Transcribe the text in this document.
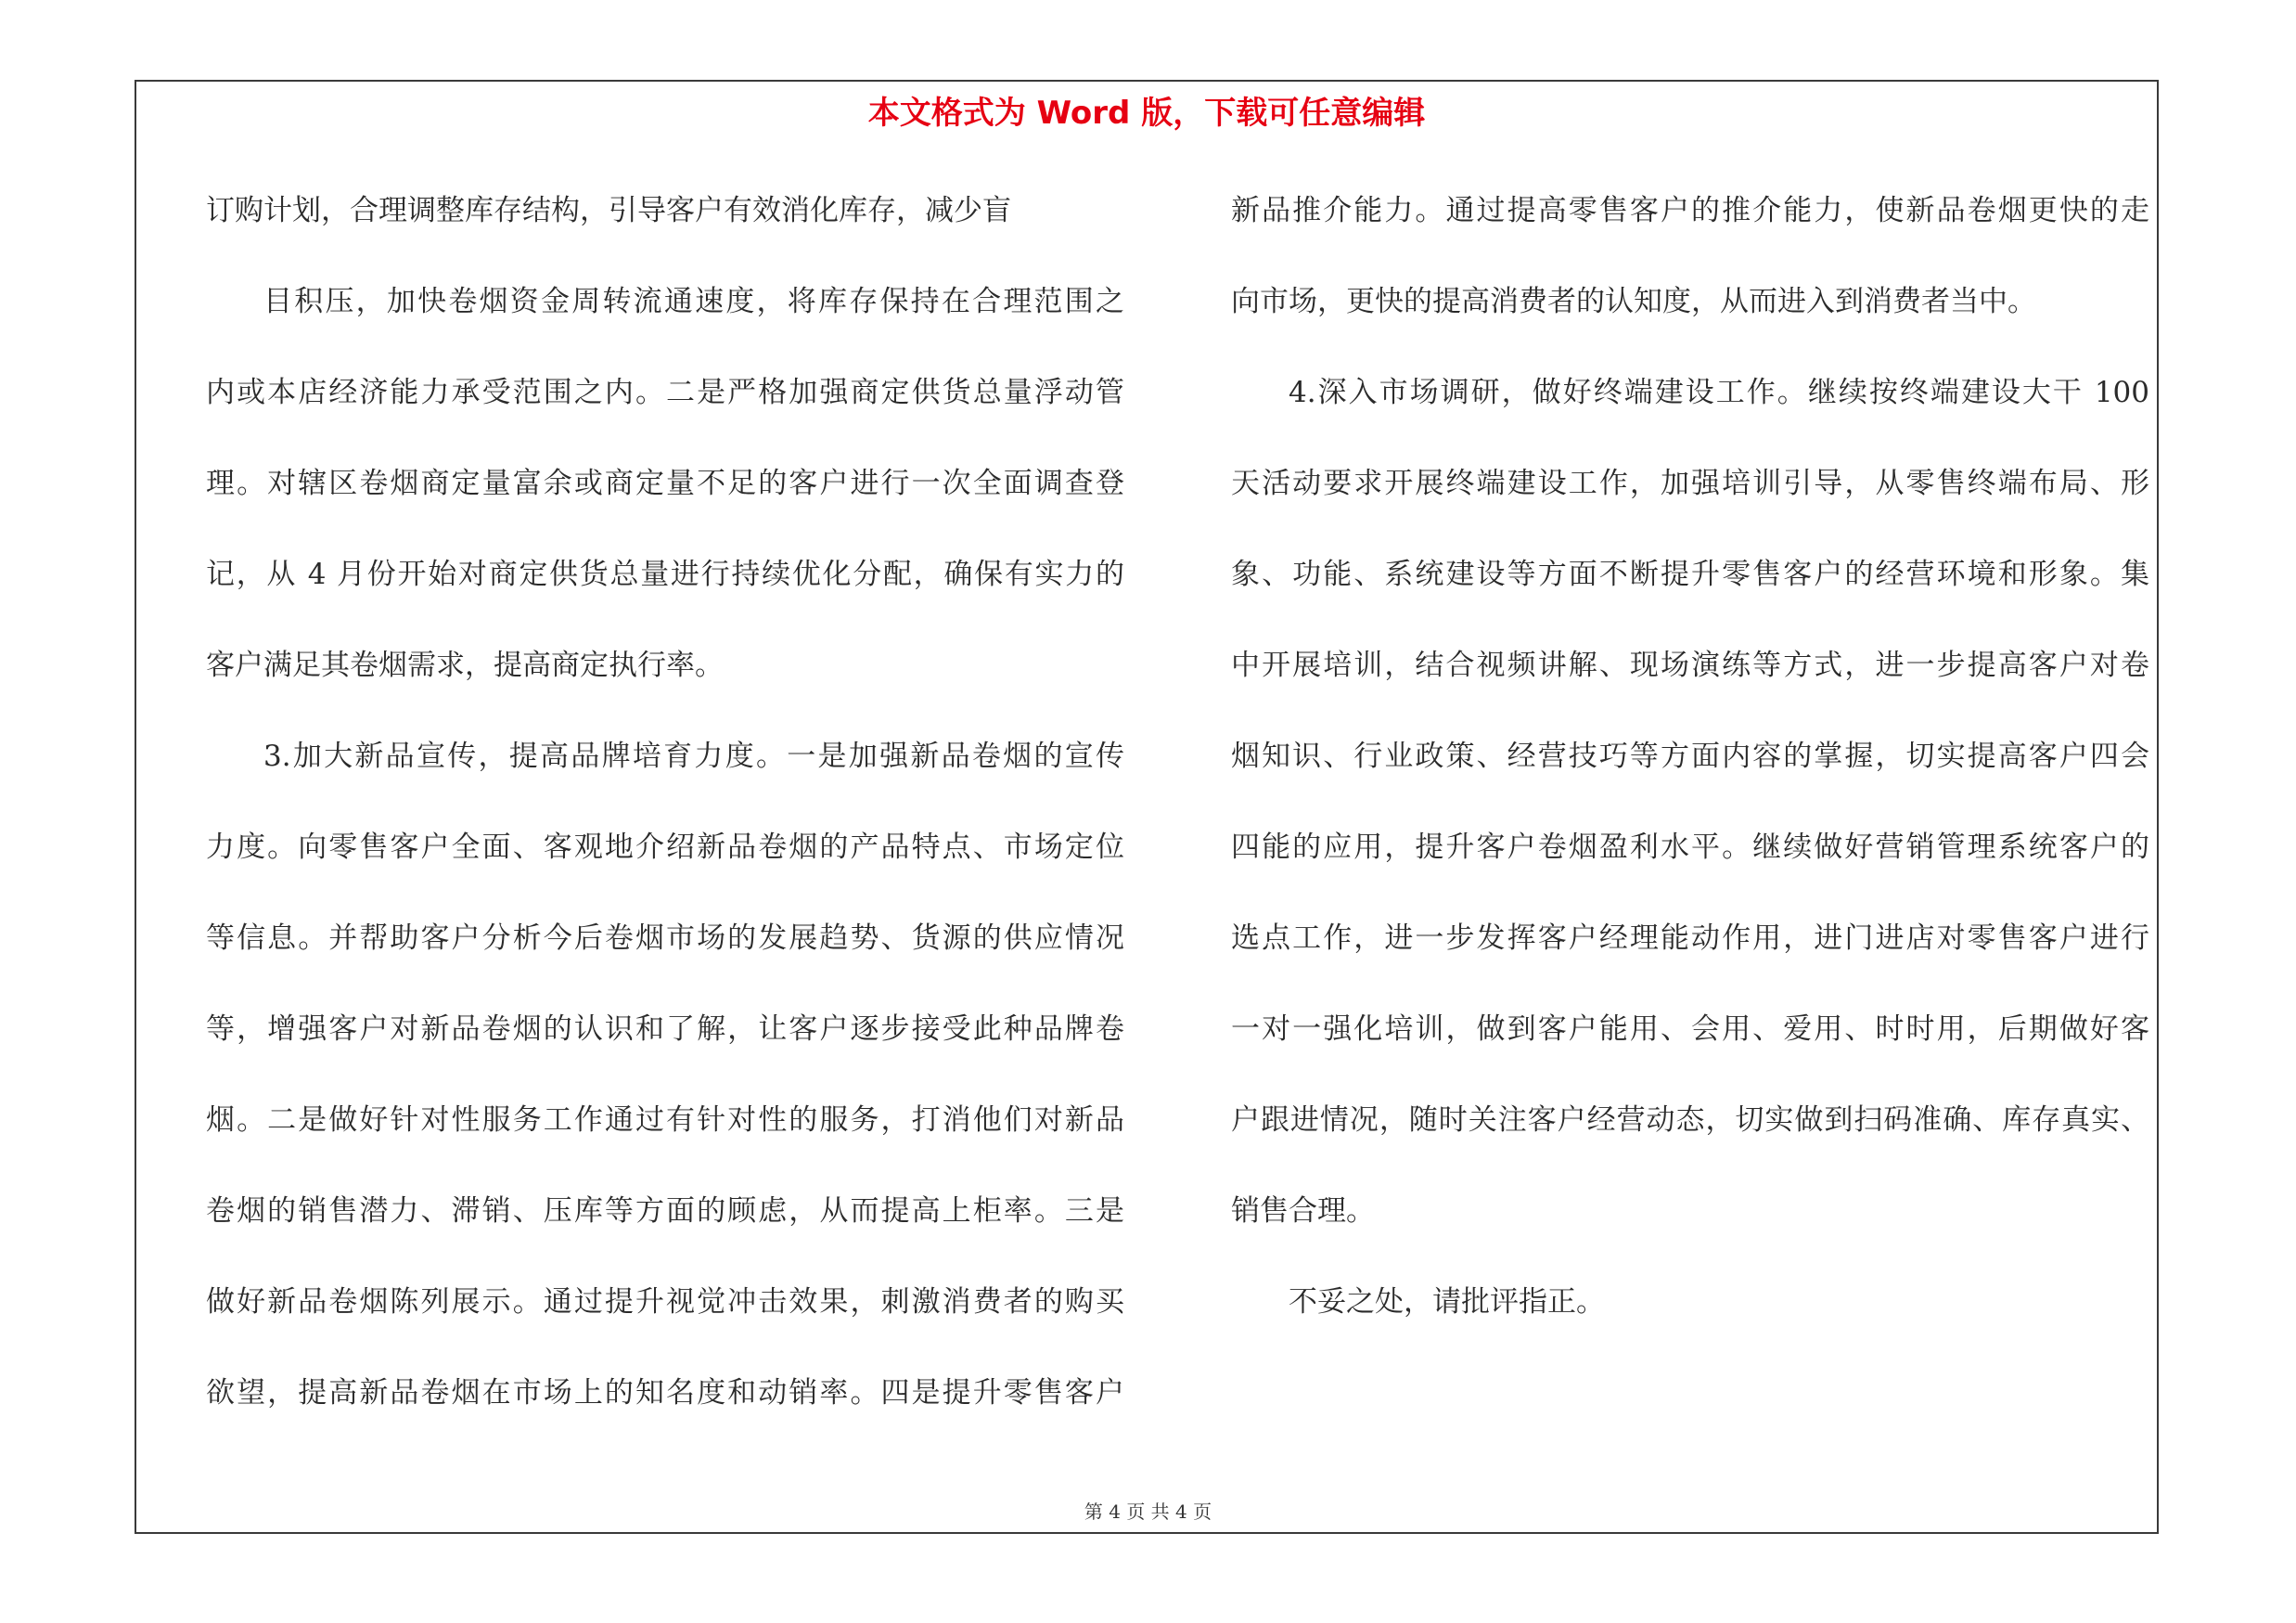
本文格式为 Word 版，下载可任意编辑
订购计划，合理调整库存结构，引导客户有效消化库存，减少盲
目积压，加快卷烟资金周转流通速度，将库存保持在合理范围之
内或本店经济能力承受范围之内。二是严格加强商定供货总量浮动管
理。对辖区卷烟商定量富余或商定量不足的客户进行一次全面调查登
记，从 4 月份开始对商定供货总量进行持续优化分配，确保有实力的
客户满足其卷烟需求，提高商定执行率。
3.加大新品宣传，提高品牌培育力度。一是加强新品卷烟的宣传
力度。向零售客户全面、客观地介绍新品卷烟的产品特点、市场定位
等信息。并帮助客户分析今后卷烟市场的发展趋势、货源的供应情况
等，增强客户对新品卷烟的认识和了解，让客户逐步接受此种品牌卷
烟。二是做好针对性服务工作通过有针对性的服务，打消他们对新品
卷烟的销售潜力、滞销、压库等方面的顾虑，从而提高上柜率。三是
做好新品卷烟陈列展示。通过提升视觉冲击效果，刺激消费者的购买
欲望，提高新品卷烟在市场上的知名度和动销率。四是提升零售客户
新品推介能力。通过提高零售客户的推介能力，使新品卷烟更快的走
向市场，更快的提高消费者的认知度，从而进入到消费者当中。
4.深入市场调研，做好终端建设工作。继续按终端建设大干 100
天活动要求开展终端建设工作，加强培训引导，从零售终端布局、形
象、功能、系统建设等方面不断提升零售客户的经营环境和形象。集
中开展培训，结合视频讲解、现场演练等方式，进一步提高客户对卷
烟知识、行业政策、经营技巧等方面内容的掌握，切实提高客户四会
四能的应用，提升客户卷烟盈利水平。继续做好营销管理系统客户的
选点工作，进一步发挥客户经理能动作用，进门进店对零售客户进行
一对一强化培训，做到客户能用、会用、爱用、时时用，后期做好客
户跟进情况，随时关注客户经营动态，切实做到扫码准确、库存真实、
销售合理。
不妥之处，请批评指正。
第 4 页 共 4 页
